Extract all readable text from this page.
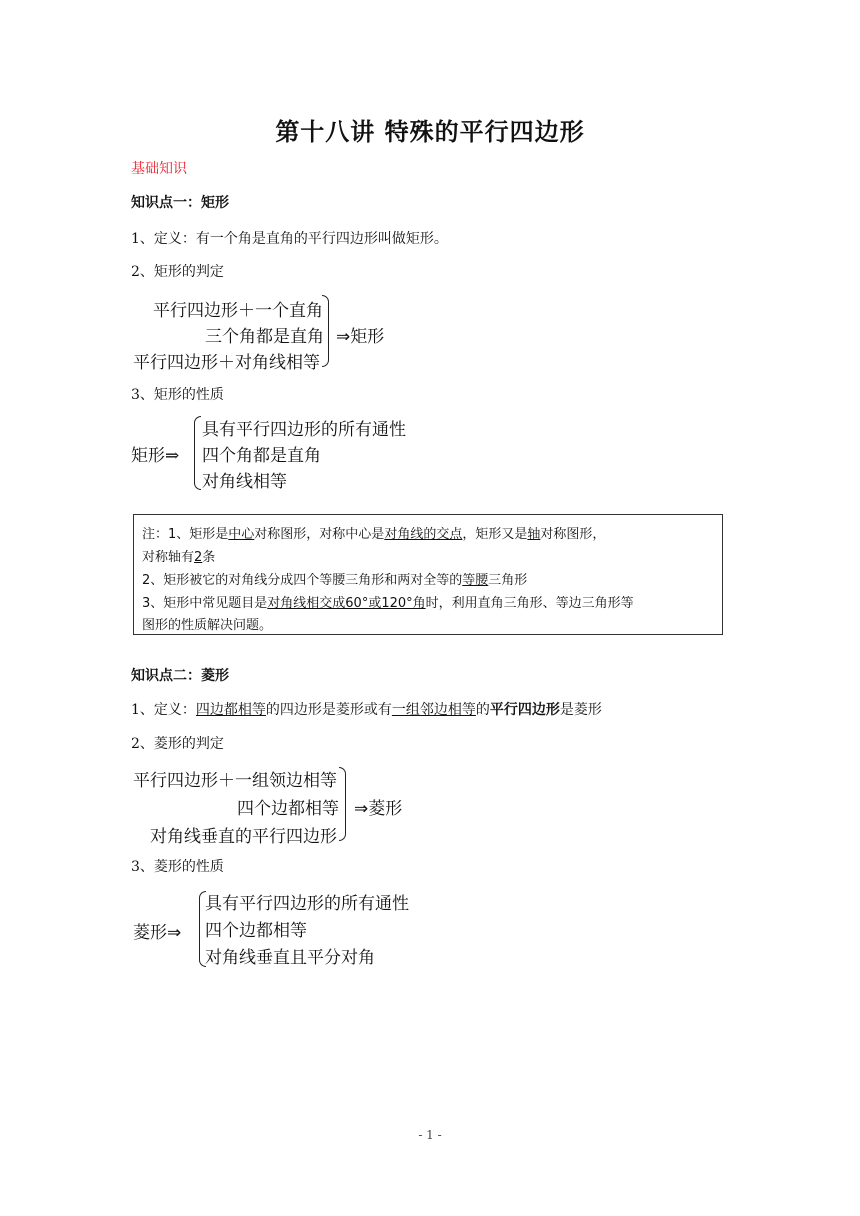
第十八讲 特殊的平行四边形
基础知识
知识点一：矩形
1、定义：有一个角是直角的平行四边形叫做矩形。
2、矩形的判定
平行四边形＋一个直角
三个角都是直角
平行四边形＋对角线相等
⇒矩形
3、矩形的性质
矩形⇒
具有平行四边形的所有通性
四个角都是直角
对角线相等
注：1、矩形是中心对称图形，对称中心是对角线的交点，矩形又是轴对称图形，
对称轴有2条
2、矩形被它的对角线分成四个等腰三角形和两对全等的等腰三角形
3、矩形中常见题目是对角线相交成60°或120°角时，利用直角三角形、等边三角形等
图形的性质解决问题。
知识点二：菱形
1、定义：四边都相等的四边形是菱形或有一组邻边相等的平行四边形是菱形
2、菱形的判定
平行四边形＋一组领边相等
四个边都相等
对角线垂直的平行四边形
⇒菱形
3、菱形的性质
菱形⇒
具有平行四边形的所有通性
四个边都相等
对角线垂直且平分对角
- 1 -
